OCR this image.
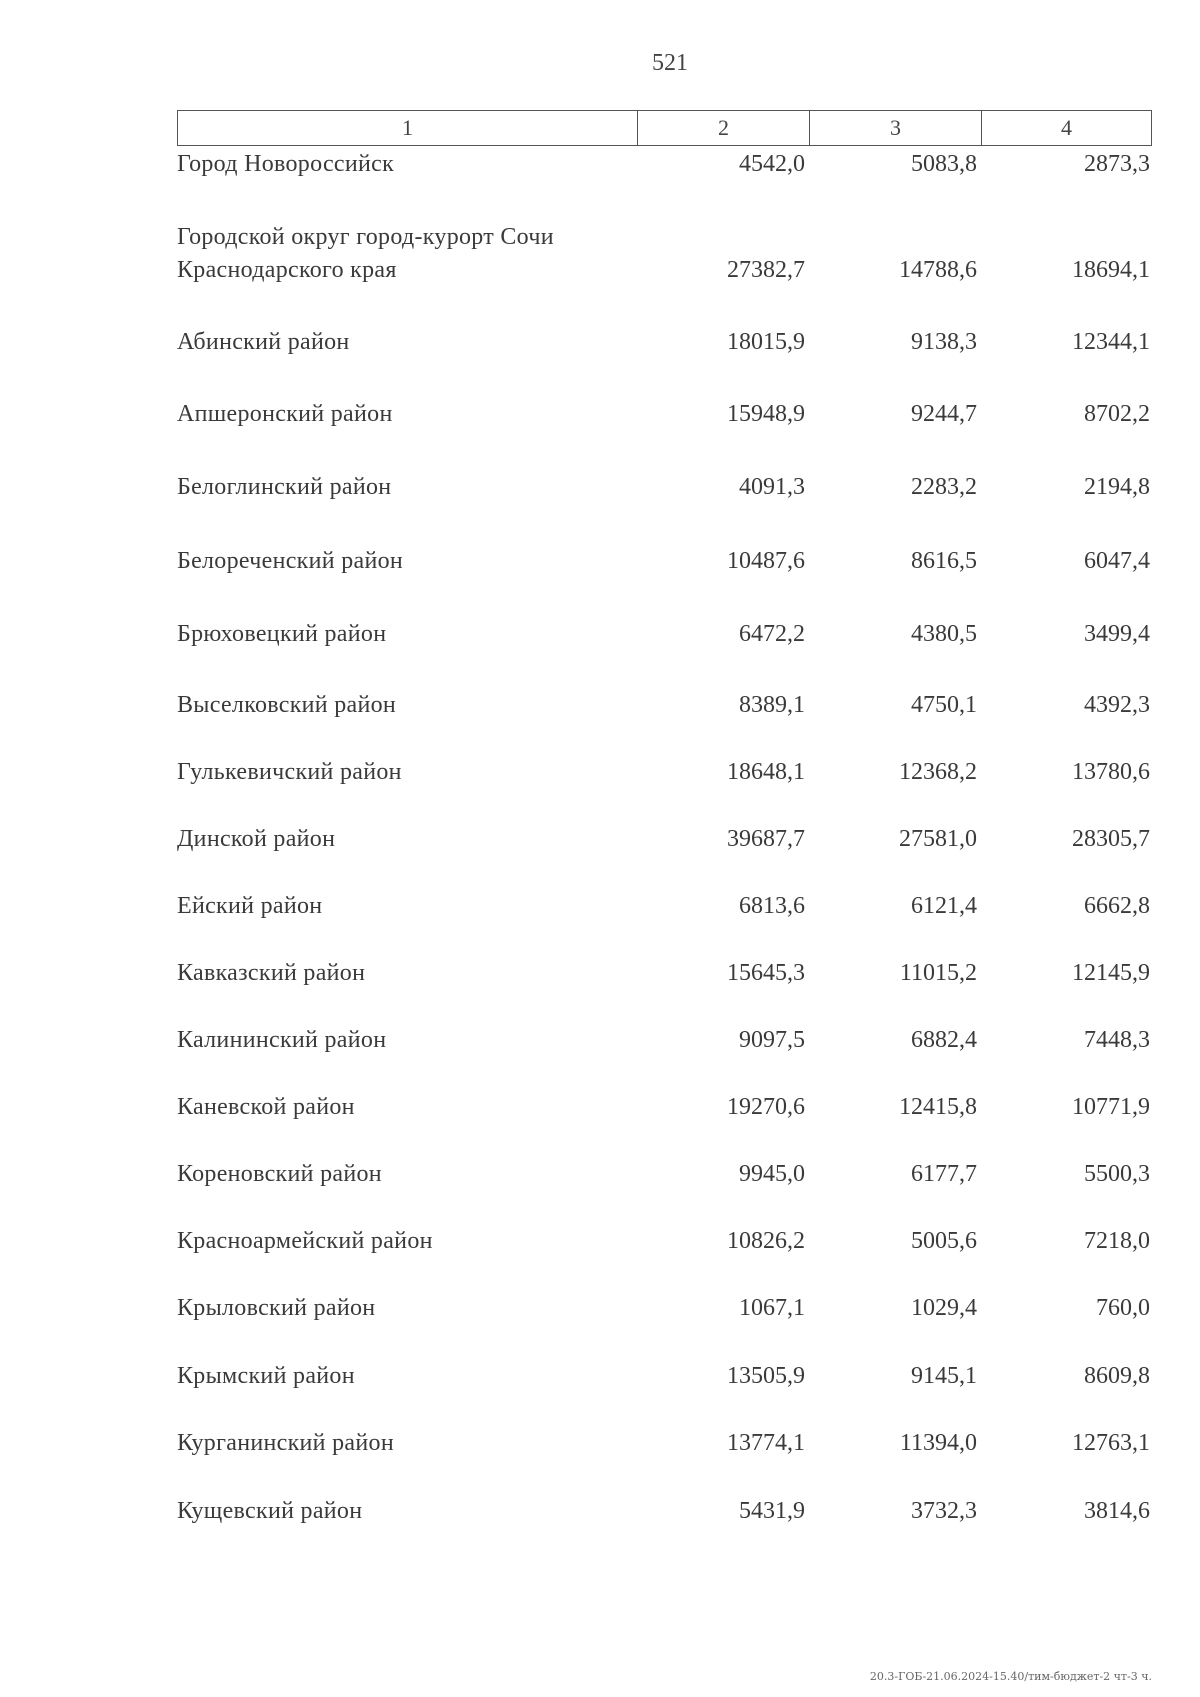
521
1	2	3	4
Город Новороссийск	4542,0	5083,8	2873,3
Городской округ город-курорт Сочи
Краснодарского края	27382,7	14788,6	18694,1
Абинский район	18015,9	9138,3	12344,1
Апшеронский район	15948,9	9244,7	8702,2
Белоглинский район	4091,3	2283,2	2194,8
Белореченский район	10487,6	8616,5	6047,4
Брюховецкий район	6472,2	4380,5	3499,4
Выселковский район	8389,1	4750,1	4392,3
Гулькевичский район	18648,1	12368,2	13780,6
Динской район	39687,7	27581,0	28305,7
Ейский район	6813,6	6121,4	6662,8
Кавказский район	15645,3	11015,2	12145,9
Калининский район	9097,5	6882,4	7448,3
Каневской район	19270,6	12415,8	10771,9
Кореновский район	9945,0	6177,7	5500,3
Красноармейский район	10826,2	5005,6	7218,0
Крыловский район	1067,1	1029,4	760,0
Крымский район	13505,9	9145,1	8609,8
Курганинский район	13774,1	11394,0	12763,1
Кущевский район	5431,9	3732,3	3814,6
20.3-ГОБ-21.06.2024-15.40/тим-бюджет-2 чт-3 ч.
